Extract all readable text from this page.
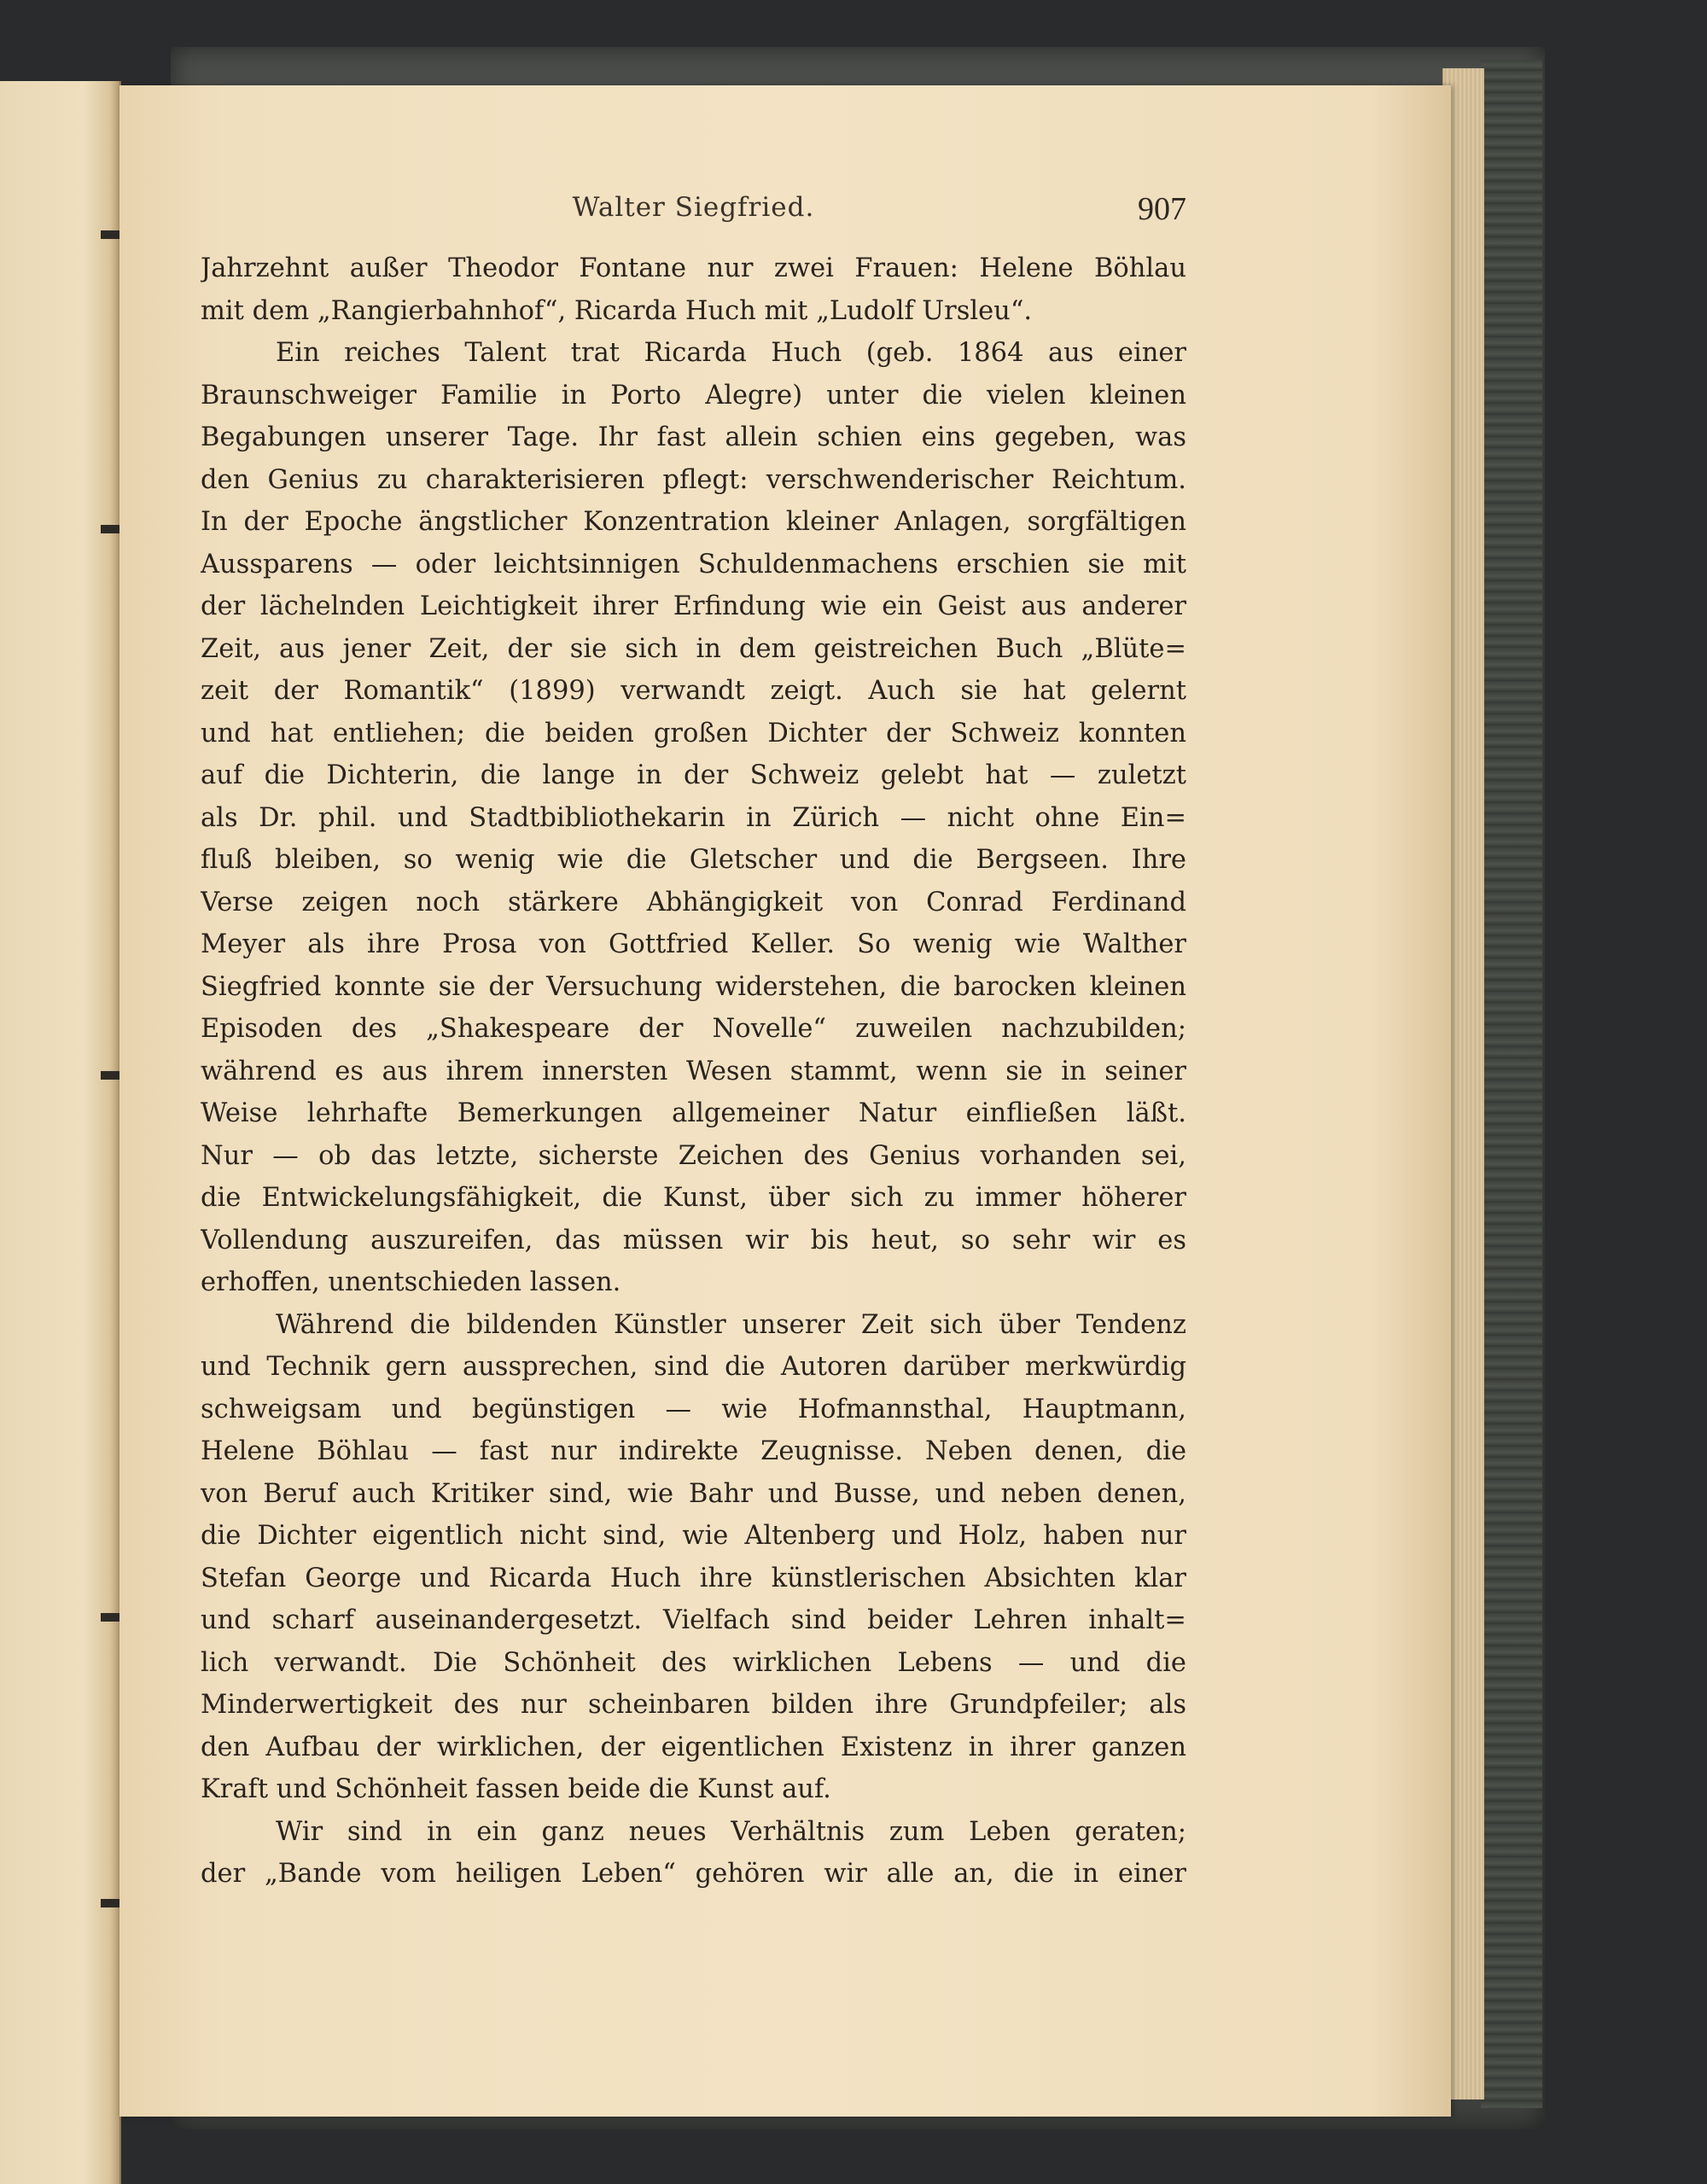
Walter Siegfried.	907
Jahrzehnt außer Theodor Fontane nur zwei Frauen: Helene Böhlau
mit dem „Rangierbahnhof“, Ricarda Huch mit „Ludolf Ursleu“.
Ein reiches Talent trat Ricarda Huch (geb. 1864 aus einer
Braunschweiger Familie in Porto Alegre) unter die vielen kleinen
Begabungen unserer Tage. Ihr fast allein schien eins gegeben, was
den Genius zu charakterisieren pflegt: verschwenderischer Reichtum.
In der Epoche ängstlicher Konzentration kleiner Anlagen, sorgfältigen
Aussparens — oder leichtsinnigen Schuldenmachens erschien sie mit
der lächelnden Leichtigkeit ihrer Erfindung wie ein Geist aus anderer
Zeit, aus jener Zeit, der sie sich in dem geistreichen Buch „Blüte=
zeit der Romantik“ (1899) verwandt zeigt. Auch sie hat gelernt
und hat entliehen; die beiden großen Dichter der Schweiz konnten
auf die Dichterin, die lange in der Schweiz gelebt hat — zuletzt
als Dr. phil. und Stadtbibliothekarin in Zürich — nicht ohne Ein=
fluß bleiben, so wenig wie die Gletscher und die Bergseen. Ihre
Verse zeigen noch stärkere Abhängigkeit von Conrad Ferdinand
Meyer als ihre Prosa von Gottfried Keller. So wenig wie Walther
Siegfried konnte sie der Versuchung widerstehen, die barocken kleinen
Episoden des „Shakespeare der Novelle“ zuweilen nachzubilden;
während es aus ihrem innersten Wesen stammt, wenn sie in seiner
Weise lehrhafte Bemerkungen allgemeiner Natur einfließen läßt.
Nur — ob das letzte, sicherste Zeichen des Genius vorhanden sei,
die Entwickelungsfähigkeit, die Kunst, über sich zu immer höherer
Vollendung auszureifen, das müssen wir bis heut, so sehr wir es
erhoffen, unentschieden lassen.
Während die bildenden Künstler unserer Zeit sich über Tendenz
und Technik gern aussprechen, sind die Autoren darüber merkwürdig
schweigsam und begünstigen — wie Hofmannsthal, Hauptmann,
Helene Böhlau — fast nur indirekte Zeugnisse. Neben denen, die
von Beruf auch Kritiker sind, wie Bahr und Busse, und neben denen,
die Dichter eigentlich nicht sind, wie Altenberg und Holz, haben nur
Stefan George und Ricarda Huch ihre künstlerischen Absichten klar
und scharf auseinandergesetzt. Vielfach sind beider Lehren inhalt=
lich verwandt. Die Schönheit des wirklichen Lebens — und die
Minderwertigkeit des nur scheinbaren bilden ihre Grundpfeiler; als
den Aufbau der wirklichen, der eigentlichen Existenz in ihrer ganzen
Kraft und Schönheit fassen beide die Kunst auf.
Wir sind in ein ganz neues Verhältnis zum Leben geraten;
der „Bande vom heiligen Leben“ gehören wir alle an, die in einer
